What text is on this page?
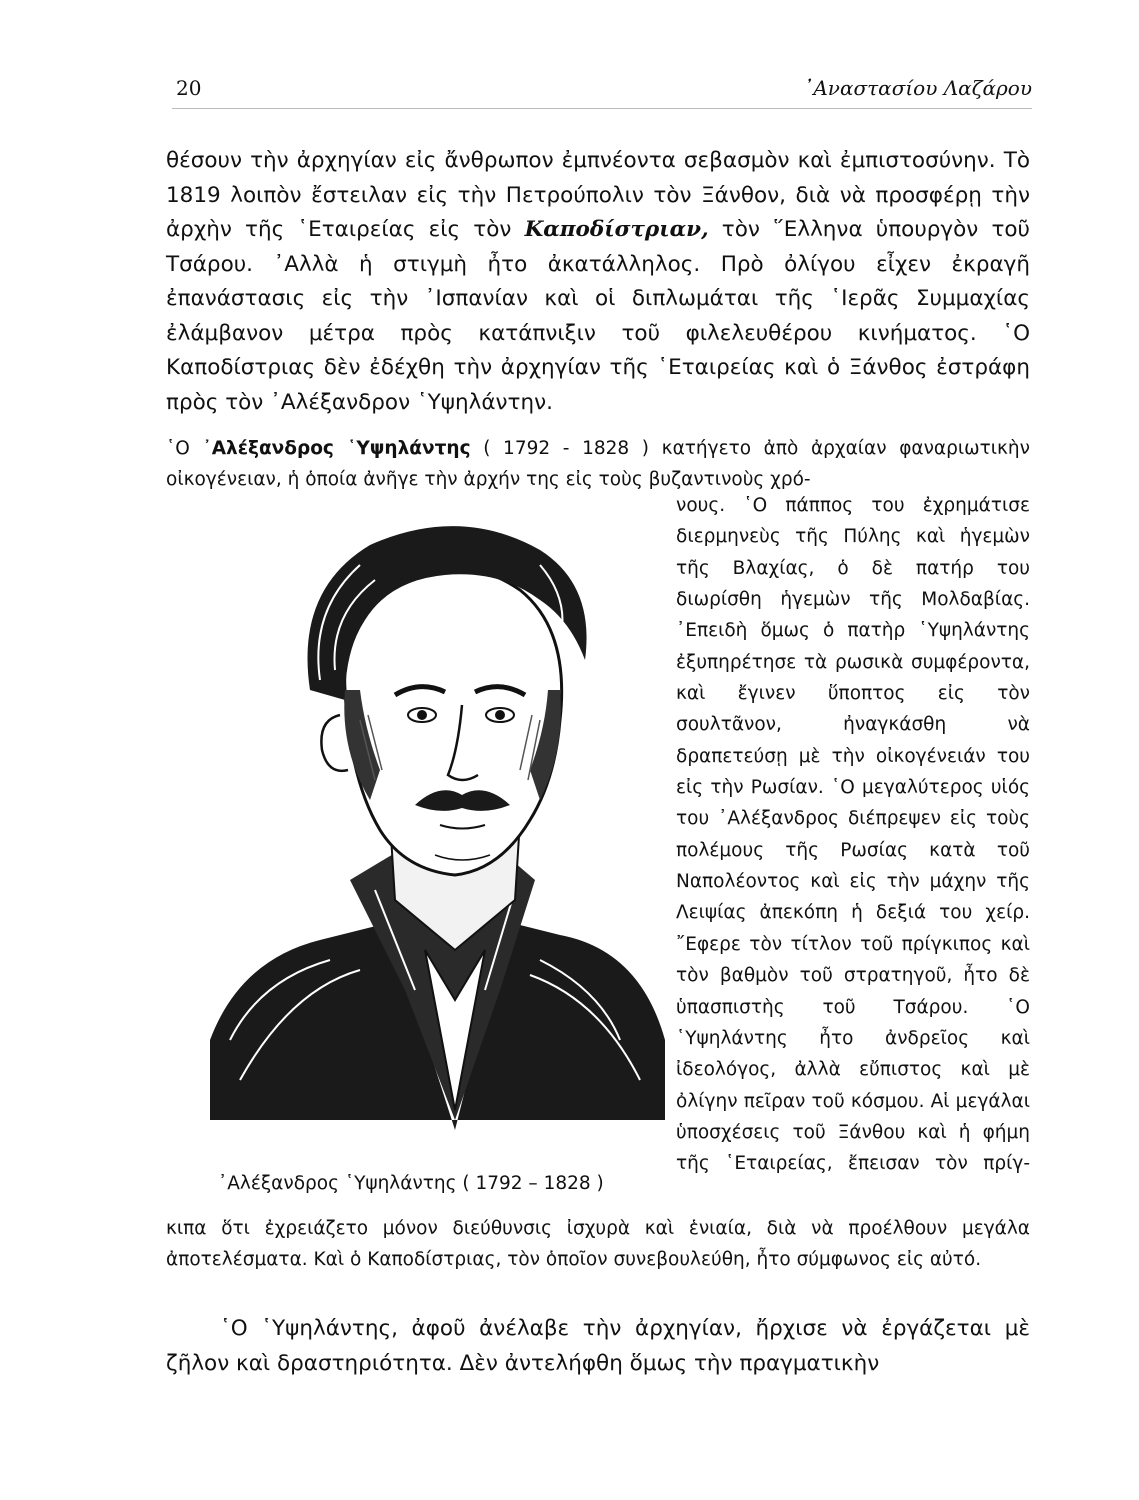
20	᾿Αναστασίου Λαζάρου

θέσουν τὴν ἀρχηγίαν εἰς ἄνθρωπον ἐμπνέοντα σεβασμὸν καὶ ἐμπιστοσύνην. Τὸ 1819 λοιπὸν ἔστειλαν εἰς τὴν Πετρούπολιν τὸν Ξάνθον, διὰ νὰ προσφέρῃ τὴν ἀρχὴν τῆς ῾Εταιρείας εἰς τὸν Καποδίστριαν, τὸν ῞Ελληνα ὑπουργὸν τοῦ Τσάρου. ᾿Αλλὰ ἡ στιγμὴ ἦτο ἀκατάλληλος. Πρὸ ὀλίγου εἶχεν ἐκραγῆ ἐπανάστασις εἰς τὴν ᾿Ισπανίαν καὶ οἱ διπλωμάται τῆς ῾Ιερᾶς Συμμαχίας ἐλάμβανον μέτρα πρὸς κατάπνιξιν τοῦ φιλελευθέρου κινήματος. ῾Ο Καποδίστριας δὲν ἐδέχθη τὴν ἀρχηγίαν τῆς ῾Εταιρείας καὶ ὁ Ξάνθος ἐστράφη πρὸς τὸν ᾿Αλέξανδρον ῾Υψηλάντην.

῾Ο ᾿Αλέξανδρος ῾Υψηλάντης ( 1792 - 1828 ) κατήγετο ἀπὸ ἀρχαίαν φαναριωτικὴν οἰκογένειαν, ἡ ὁποία ἀνῆγε τὴν ἀρχήν της εἰς τοὺς βυζαντινοὺς χρό-

᾿Αλέξανδρος ῾Υψηλάντης ( 1792 – 1828 )

νους. ῾Ο πάππος του ἐχρημάτισε διερμηνεὺς τῆς Πύλης καὶ ἡγεμὼν τῆς Βλαχίας, ὁ δὲ πατήρ του διωρίσθη ἡγεμὼν τῆς Μολδαβίας. ᾿Επειδὴ ὅμως ὁ πατὴρ ῾Υψηλάντης ἐξυπηρέτησε τὰ ρωσικὰ συμφέροντα, καὶ ἔγινεν ὕποπτος εἰς τὸν σουλτᾶνον, ἠναγκάσθη νὰ δραπετεύσῃ μὲ τὴν οἰκογένειάν του εἰς τὴν Ρωσίαν. ῾Ο μεγαλύτερος υἱός του ᾿Αλέξανδρος διέπρεψεν εἰς τοὺς πολέμους τῆς Ρωσίας κατὰ τοῦ Ναπολέοντος καὶ εἰς τὴν μάχην τῆς Λειψίας ἀπεκόπη ἡ δεξιά του χείρ. ῎Εφερε τὸν τίτλον τοῦ πρίγκιπος καὶ τὸν βαθμὸν τοῦ στρατηγοῦ, ἦτο δὲ ὑπασπιστὴς τοῦ Τσάρου. ῾Ο ῾Υψηλάντης ἦτο ἀνδρεῖος καὶ ἰδεολόγος, ἀλλὰ εὔπιστος καὶ μὲ ὀλίγην πεῖραν τοῦ κόσμου. Αἱ μεγάλαι ὑποσχέσεις τοῦ Ξάνθου καὶ ἡ φήμη τῆς ῾Εταιρείας, ἔπεισαν τὸν πρίγ-

κιπα ὅτι ἐχρειάζετο μόνον διεύθυνσις ἰσχυρὰ καὶ ἑνιαία, διὰ νὰ προέλθουν μεγάλα ἀποτελέσματα. Καὶ ὁ Καποδίστριας, τὸν ὁποῖον συνεβουλεύθη, ἦτο σύμφωνος εἰς αὐτό.

῾Ο ῾Υψηλάντης, ἀφοῦ ἀνέλαβε τὴν ἀρχηγίαν, ἤρχισε νὰ ἐργάζεται μὲ ζῆλον καὶ δραστηριότητα. Δὲν ἀντελήφθη ὅμως τὴν πραγματικὴν
